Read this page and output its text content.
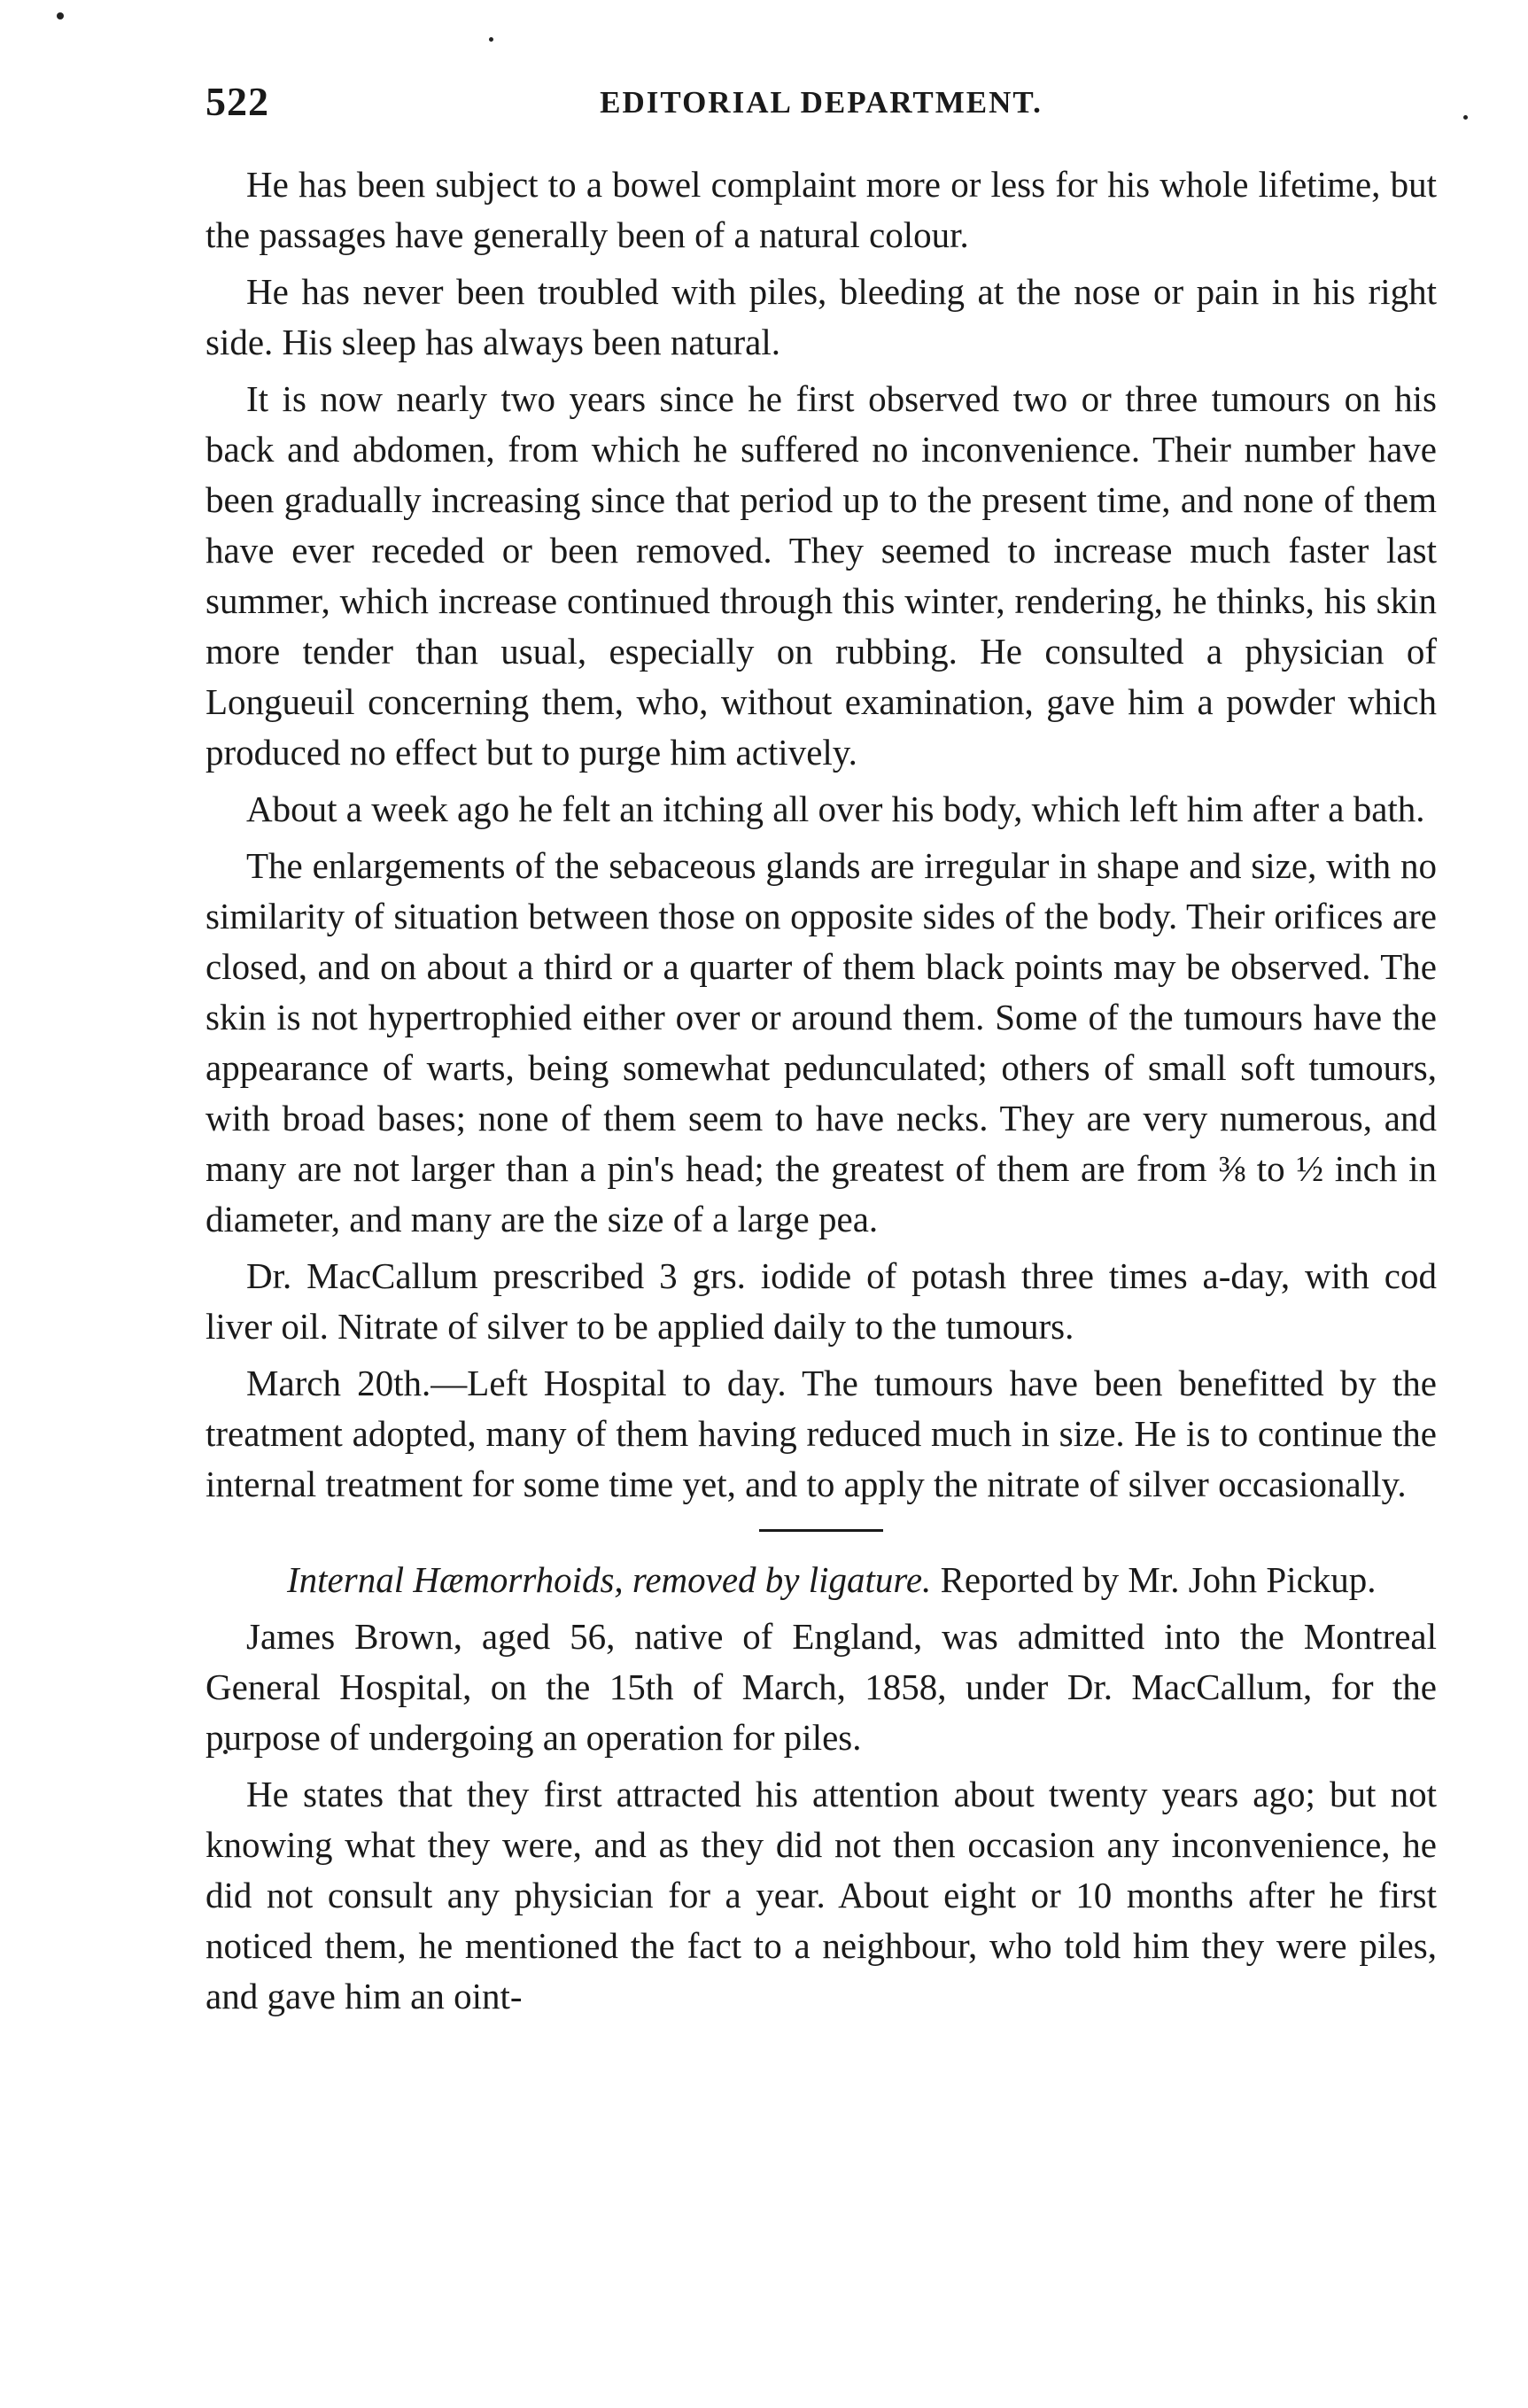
522	EDITORIAL DEPARTMENT.

He has been subject to a bowel complaint more or less for his whole lifetime, but the passages have generally been of a natural colour.

He has never been troubled with piles, bleeding at the nose or pain in his right side. His sleep has always been natural.

It is now nearly two years since he first observed two or three tumours on his back and abdomen, from which he suffered no inconvenience. Their number have been gradually increasing since that period up to the present time, and none of them have ever receded or been removed. They seemed to increase much faster last summer, which increase continued through this winter, rendering, he thinks, his skin more tender than usual, especially on rubbing. He consulted a physician of Longueuil concerning them, who, without examination, gave him a powder which produced no effect but to purge him actively.

About a week ago he felt an itching all over his body, which left him after a bath.

The enlargements of the sebaceous glands are irregular in shape and size, with no similarity of situation between those on opposite sides of the body. Their orifices are closed, and on about a third or a quarter of them black points may be observed. The skin is not hypertrophied either over or around them. Some of the tumours have the appearance of warts, being somewhat pedunculated; others of small soft tumours, with broad bases; none of them seem to have necks. They are very numerous, and many are not larger than a pin's head; the greatest of them are from ⅜ to ½ inch in diameter, and many are the size of a large pea.

Dr. MacCallum prescribed 3 grs. iodide of potash three times a-day, with cod liver oil. Nitrate of silver to be applied daily to the tumours.

March 20th.—Left Hospital to day. The tumours have been benefitted by the treatment adopted, many of them having reduced much in size. He is to continue the internal treatment for some time yet, and to apply the nitrate of silver occasionally.

Internal Hæmorrhoids, removed by ligature. Reported by Mr. John Pickup.

James Brown, aged 56, native of England, was admitted into the Montreal General Hospital, on the 15th of March, 1858, under Dr. MacCallum, for the purpose of undergoing an operation for piles.

He states that they first attracted his attention about twenty years ago; but not knowing what they were, and as they did not then occasion any inconvenience, he did not consult any physician for a year. About eight or 10 months after he first noticed them, he mentioned the fact to a neighbour, who told him they were piles, and gave him an oint-
